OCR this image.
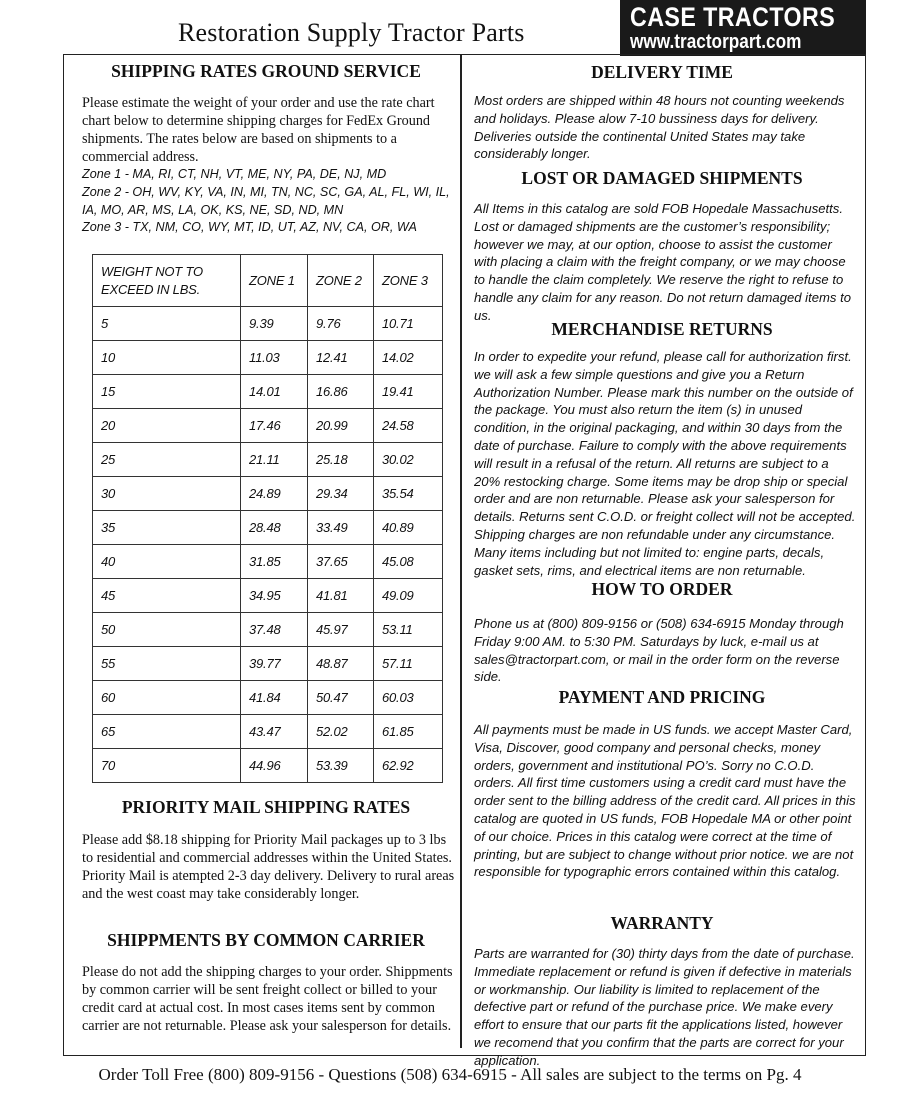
Restoration Supply Tractor Parts
CASE TRACTORS
www.tractorpart.com
SHIPPING RATES GROUND SERVICE
Please estimate the weight of your order and use the rate chart chart below to determine shipping charges for FedEx Ground shipments. The rates below are based on shipments to a commercial address.

Zone 1 - MA, RI, CT, NH, VT, ME, NY, PA, DE, NJ, MD

Zone 2 - OH, WV, KY, VA, IN, MI, TN, NC, SC, GA, AL, FL, WI, IL, IA, MO, AR, MS, LA, OK, KS, NE, SD, ND, MN

Zone 3 - TX, NM, CO, WY, MT, ID, UT, AZ, NV, CA, OR, WA

WEIGHT NOT TO EXCEED IN LBS.	ZONE 1	ZONE 2	ZONE 3
5	9.39	9.76	10.71
10	11.03	12.41	14.02
15	14.01	16.86	19.41
20	17.46	20.99	24.58
25	21.11	25.18	30.02
30	24.89	29.34	35.54
35	28.48	33.49	40.89
40	31.85	37.65	45.08
45	34.95	41.81	49.09
50	37.48	45.97	53.11
55	39.77	48.87	57.11
60	41.84	50.47	60.03
65	43.47	52.02	61.85
70	44.96	53.39	62.92
PRIORITY MAIL SHIPPING RATES
Please add $8.18 shipping for Priority Mail packages up to 3 lbs to residential and commercial addresses within the United States. Priority Mail is atempted 2-3 day delivery. Delivery to rural areas and the west coast may take considerably longer.
SHIPPMENTS BY COMMON CARRIER
Please do not add the shipping charges to your order. Shippments by common carrier will be sent freight collect or billed to your credit card at actual cost. In most cases items sent by common carrier are not returnable. Please ask your salesperson for details.
DELIVERY TIME
Most orders are shipped within 48 hours not counting weekends and holidays. Please alow 7-10 bussiness days for delivery. Deliveries outside the continental United States may take considerably longer.
LOST OR DAMAGED SHIPMENTS
All Items in this catalog are sold FOB Hopedale Massachusetts. Lost or damaged shipments are the customer’s responsibility; however we may, at our option, choose to assist the customer with placing a claim with the freight company, or we may choose to handle the claim completely. We reserve the right to refuse to handle any claim for any reason. Do not return damaged items to us.
MERCHANDISE RETURNS
In order to expedite your refund, please call for authorization first. we will ask a few simple questions and give you a Return Authorization Number. Please mark this number on the outside of the package. You must also return the item (s) in unused condition, in the original packaging, and within 30 days from the date of purchase. Failure to comply with the above requirements will result in a refusal of the return. All returns are subject to a 20% restocking charge. Some items may be drop ship or special order and are non returnable. Please ask your salesperson for details. Returns sent C.O.D. or freight collect will not be accepted. Shipping charges are non refundable under any circumstance. Many items including but not limited to: engine parts, decals, gasket sets, rims, and electrical items are non returnable.
HOW TO ORDER
Phone us at (800) 809-9156 or (508) 634-6915 Monday through Friday 9:00 AM. to 5:30 PM. Saturdays by luck, e-mail us at sales@tractorpart.com, or mail in the order form on the reverse side.
PAYMENT AND PRICING
All payments must be made in US funds. we accept Master Card, Visa, Discover, good company and personal checks, money orders, government and institutional PO’s. Sorry no C.O.D. orders. All first time customers using a credit card must have the order sent to the billing address of the credit card. All prices in this catalog are quoted in US funds, FOB Hopedale MA or other point of our choice. Prices in this catalog were correct at the time of printing, but are subject to change without prior notice. we are not responsible for typographic errors contained within this catalog.
WARRANTY
Parts are warranted for (30) thirty days from the date of purchase. Immediate replacement or refund is given if defective in materials or workmanship. Our liability is limited to replacement of the defective part or refund of the purchase price. We make every effort to ensure that our parts fit the applications listed, however we recomend that you confirm that the parts are correct for your application.
Order Toll Free (800) 809-9156 - Questions (508) 634-6915 - All sales are subject to the terms on Pg. 4
